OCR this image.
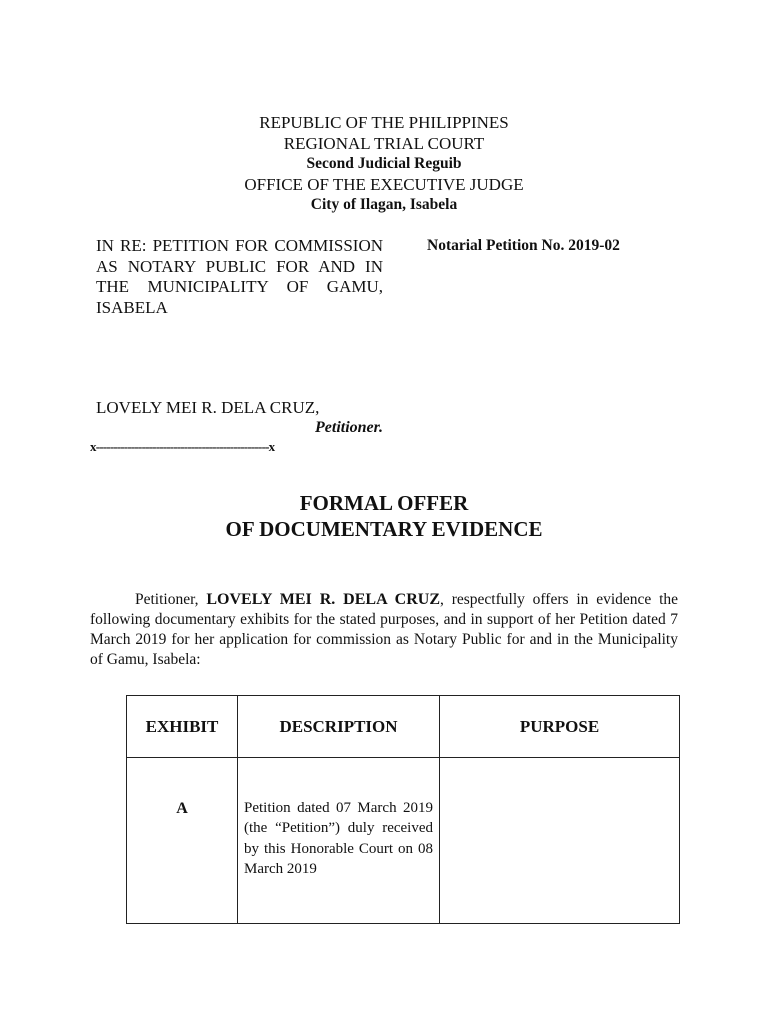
REPUBLIC OF THE PHILIPPINES
REGIONAL TRIAL COURT
Second Judicial Reguib
OFFICE OF THE EXECUTIVE JUDGE
City of Ilagan, Isabela
IN RE: PETITION FOR COMMISSION AS NOTARY PUBLIC FOR AND IN THE MUNICIPALITY OF GAMU, ISABELA
Notarial Petition No. 2019-02
LOVELY MEI R. DELA CRUZ,
Petitioner.
x-------------------------------------------------x
FORMAL OFFER
OF DOCUMENTARY EVIDENCE

Petitioner, LOVELY MEI R. DELA CRUZ, respectfully offers in evidence the following documentary exhibits for the stated purposes, and in support of her Petition dated 7 March 2019 for her application for commission as Notary Public for and in the Municipality of Gamu, Isabela:

EXHIBIT	DESCRIPTION	PURPOSE
A	Petition dated 07 March 2019 (the “Petition”) duly received by this Honorable Court on 08 March 2019	
